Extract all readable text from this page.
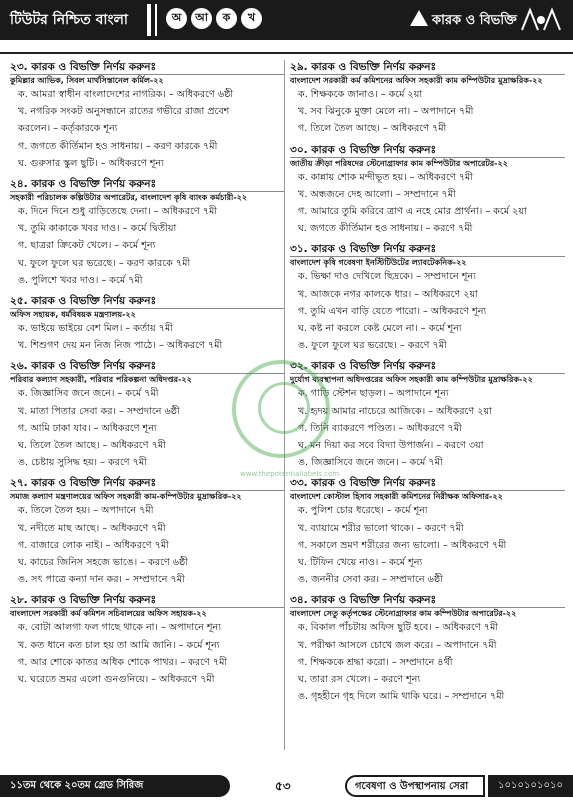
টিউটর নিশ্চিত বাংলা	অ	আ	ক	খ	কারক ও বিভক্তি
২৩. কারক ও বিভক্তি নির্ণয় করুনঃ
কুমিল্লার আভিক, সিবল মার্থসিস্তানেল কর্মিল-২২
ক. আমরা স্বাধীন বাংলাদেশের নাগরিক। – অধিকরণে ৬ষ্ঠী
খ. নগরিক সংকট অনুসন্ধানে রাতের গভীরে রাজা প্রবেশ
করলেন। – কর্তৃকারকে শূন্য
গ. জগতে কীর্তিমান হও সাধনায়। – করণ কারকে ৭মী
ঘ. গুরুসার স্কুল ছুটি। – অধিকরণে শূন্য
২৪. কারক ও বিভক্তি নির্ণয় করুনঃ
সহকারী পরিচালক কল্পিউটার অপারেটর, বাংলাদেশ কৃষি ব্যাংক কর্মচারী-২২
ক. দিনে দিনে শুধু বাড়িতেছে দেনা। – অধিকরণে ৭মী
খ. তুমি কাকাকে খবর দাও। – কর্মে দ্বিতীয়া
গ. ছাত্ররা ক্রিকেট খেলে। – কর্মে শূন্য
ঘ. ফুলে ফুলে ঘর ভরেছে। – করণ কারকে ৭মী
ঙ. পুলিশে খবর দাও। – কর্মে ৭মী
২৫. কারক ও বিভক্তি নির্ণয় করুনঃ
অফিস সহায়ক, ধর্মবিষয়ক মন্ত্রণালয়-২২
ক. ভাইয়ে ভাইয়ে বেশ মিল। – কর্তায় ৭মী
খ. শিশুগণ দেয় মন নিজ নিজ পাঠে। – অধিকরণে ৭মী
২৬. কারক ও বিভক্তি নির্ণয় করুনঃ
পরিবার কল্যাণ সহকারী, পরিবার পরিকল্পনা অধিদপ্তর-২২
ক. জিজ্ঞাসিব জনে জনে। – কর্মে ৭মী
খ. মাতা পিতার সেবা কর। – সম্প্রদানে ৬ষ্ঠী
গ. আমি ঢাকা যাব। – অধিকরণে শূন্য
ঘ. তিলে তৈল আছে। – অধিকরণে ৭মী
ঙ. চেষ্টায় সুসিদ্ধ হয়। – করণে ৭মী
২৭. কারক ও বিভক্তি নির্ণয় করুনঃ
সমাজ কল্যাণ মন্ত্রণালয়ের অফিস সহকারী কাম-কম্পিউটার মুদ্রাক্ষরিক-২২
ক. তিলে তৈল হয়। – অপাদানে ৭মী
খ. নদীতে মাছ আছে। – অধিকরণে ৭মী
গ. বাজারে লোক নাই। – অধিকরণে ৭মী
ঘ. কাচের জিনিস সহজে ভাঙে। – করণে ৬ষ্ঠী
ঙ. সৎ পাত্রে কন্যা দান কর। – সম্প্রদানে ৭মী
২৮. কারক ও বিভক্তি নির্ণয় করুনঃ
বাংলাদেশ সরকারী কর্ম কমিশন সচিবালয়ের অফিস সহায়ক-২২
ক. বোটা আলগা ফল গাছে থাকে না। – অপাদানে শূন্য
খ. কত ধানে কত চাল হয় তা আমি জানি। – কর্মে শূন্য
গ. আর শোকে কাতর অধিক শোকে পাথর। – করণে ৭মী
ঘ. ঘরেতে ভ্রমর এলো গুনগুনিয়ে। – অধিকরণে ৭মী
২৯. কারক ও বিভক্তি নির্ণয় করুনঃ
বাংলাদেশ সরকারী কর্ম কমিশনের অফিস সহকারী কাম কম্পিউটার মুদ্রাক্ষরিক-২২
ক. শিক্ষককে জানাও। – কর্মে ২য়া
খ. সব ঝিনুকে মুক্তা মেলে না। – অপাদানে ৭মী
গ. তিলে তৈল আছে। – অধিকরণে ৭মী
৩০. কারক ও বিভক্তি নির্ণয় করুনঃ
জাতীয় ক্রীড়া পরিষদের স্টেনোগ্রাফার কাম কম্পিউটার অপারেটর-২২
ক. কান্নায় শোক মন্দীভূত হয়। – অধিকরণে ৭মী
খ. অন্ধজনে দেহ আলো। – সম্প্রদানে ৭মী
গ. আমারে তুমি করিবে ত্রাণ এ নহে মোর প্রার্থনা। – কর্মে ২য়া
ঘ. জগতে কীর্তিমান হও সাধনায়। – করণে ৭মী
৩১. কারক ও বিভক্তি নির্ণয় করুনঃ
বাংলাদেশ কৃষি গবেষণা ইনস্টিটিউটের ল্যাবটেকনিক-২২
ক. ভিক্ষা দাও দেখিলে ছিদ্রকে। – সম্প্রদানে শূন্য
খ. আজকে নগর কালকে ধার। – অধিকরণে ২য়া
গ. তুমি এখন বাড়ি যেতে পারো। – অধিকরণে শূন্য
ঘ. কষ্ট না করলে কেষ্ট মেলে না। – কর্মে শূন্য
ঙ. ফুলে ফুলে ঘর ভরেছে। – করণে ৭মী
৩২. কারক ও বিভক্তি নির্ণয় করুনঃ
দুর্যোগ ব্যবস্থাপনা অধিদপ্তরের অফিস সহকারী কাম কম্পিউটার মুদ্রাক্ষরিক-২২
ক. গাড়ি স্টেশন ছাড়ল। – অপাদানে শূন্য
খ. হৃদয় আমার নাচেরে আজিকে। – অধিকরণে ২য়া
গ. তিনি ব্যাকরণে পণ্ডিত। – অধিকরণে ৭মী
ঘ. মন দিয়া কর সবে বিদ্যা উপার্জন। – করণে ৩য়া
ঙ. জিজ্ঞাসিবে জনে জনে। – কর্মে ৭মী
৩৩. কারক ও বিভক্তি নির্ণয় করুনঃ
বাংলাদেশ কোস্টাল হিসাব সহকারী কমিশনের নিরীক্ষক অফিসার-২২
ক. পুলিশ চোর ধরেছে। – কর্মে শূন্য
খ. ব্যায়ামে শরীর ভালো থাকে। – করণে ৭মী
গ. সকালে ভ্রমণ শরীরের জন্য ভালো। – অধিকরণে ৭মী
ঘ. টিফিন খেয়ে নাও। – কর্মে শূন্য
ঙ. জননীর সেবা কর। – সম্প্রদানে ৬ষ্ঠী
৩৪. কারক ও বিভক্তি নির্ণয় করুনঃ
বাংলাদেশ সেতু কর্তৃপক্ষের স্টেনোগ্রাফার কাম কম্পিউটার অপারেটর-২২
ক. বিকাল পাঁচটায় অফিস ছুটি হবে। – অধিকরণে ৭মী
খ. পরীক্ষা আসলে চোখে জল করে। – অপাদানে ৭মী
গ. শিক্ষককে শ্রদ্ধা করো। – সম্প্রদানে ৪র্থী
ঘ. তারা রস খেলে। – করণে শূন্য
ঙ. গৃহহীনে গৃহ দিলে আমি থাকি ঘরে। – সম্প্রদানে ৭মী
www.thepotentiallabels.com
১১তম থেকে ২০তম গ্রেড সিরিজ	৫৩	গবেষণা ও উপস্থাপনায় সেরা	১০১০১০১০১০
